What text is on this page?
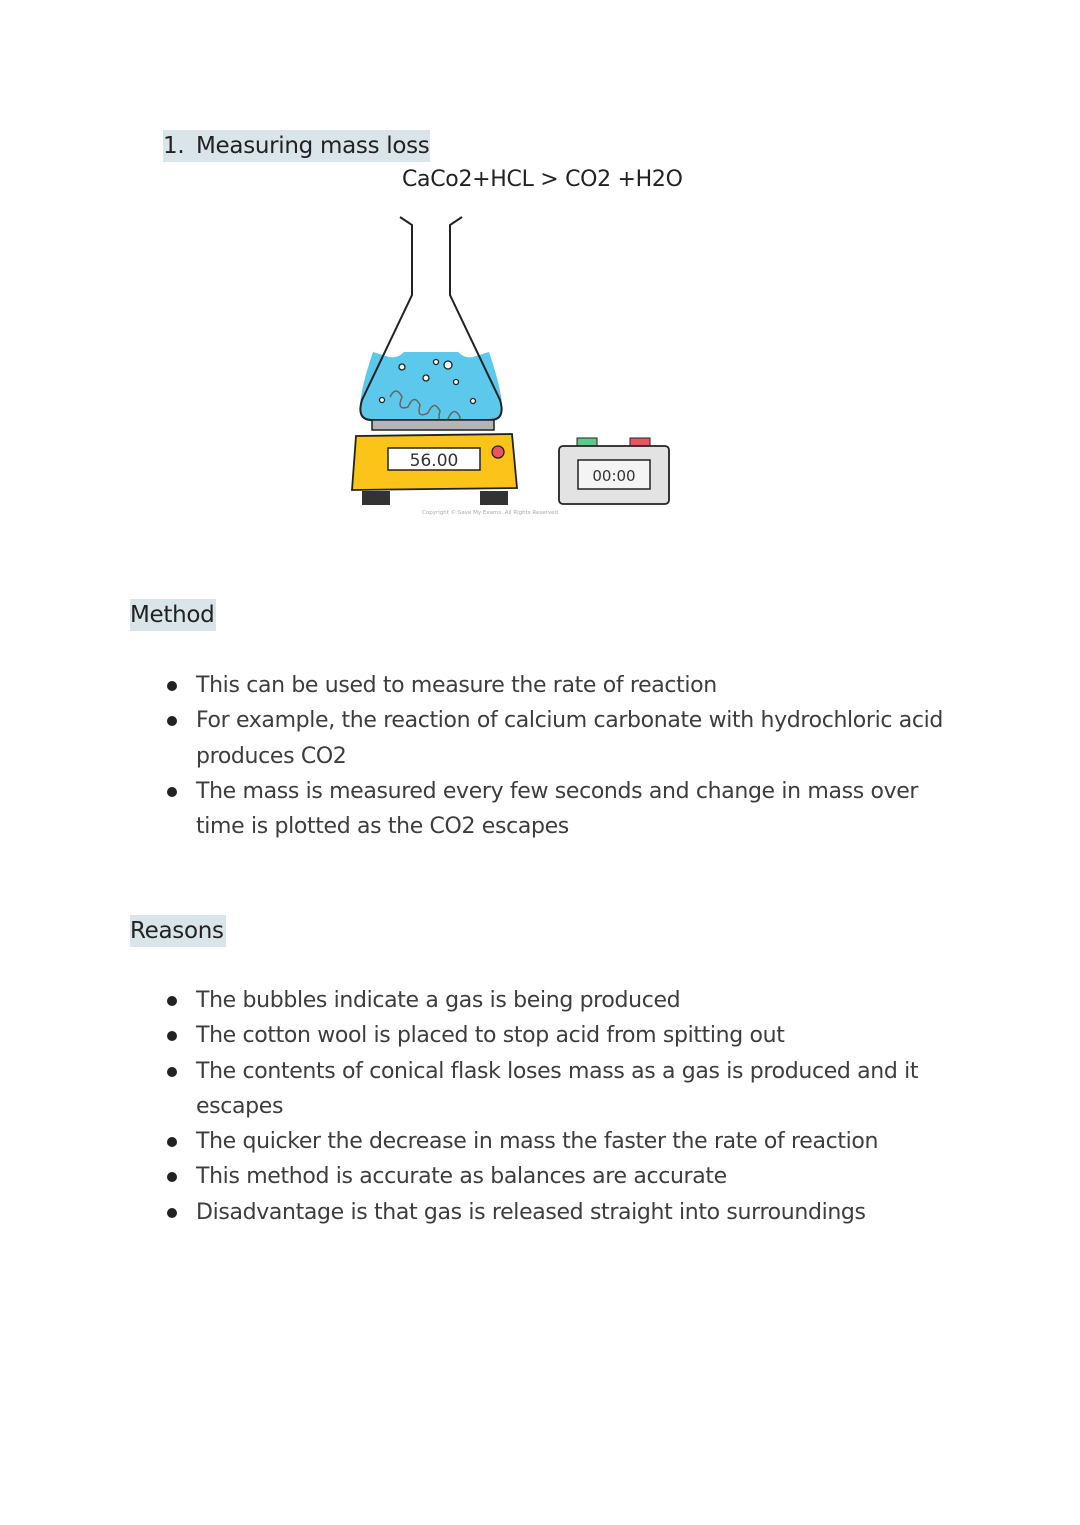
1. Measuring mass loss
CaCo2+HCL > CO2 +H2O
56.00
00:00
Copyright © Save My Exams. All Rights Reserved
Method
This can be used to measure the rate of reaction
For example, the reaction of calcium carbonate with hydrochloric acid produces CO2
The mass is measured every few seconds and change in mass over time is plotted as the CO2 escapes
Reasons
The bubbles indicate a gas is being produced
The cotton wool is placed to stop acid from spitting out
The contents of conical flask loses mass as a gas is produced and it escapes
The quicker the decrease in mass the faster the rate of reaction
This method is accurate as balances are accurate
Disadvantage is that gas is released straight into surroundings
